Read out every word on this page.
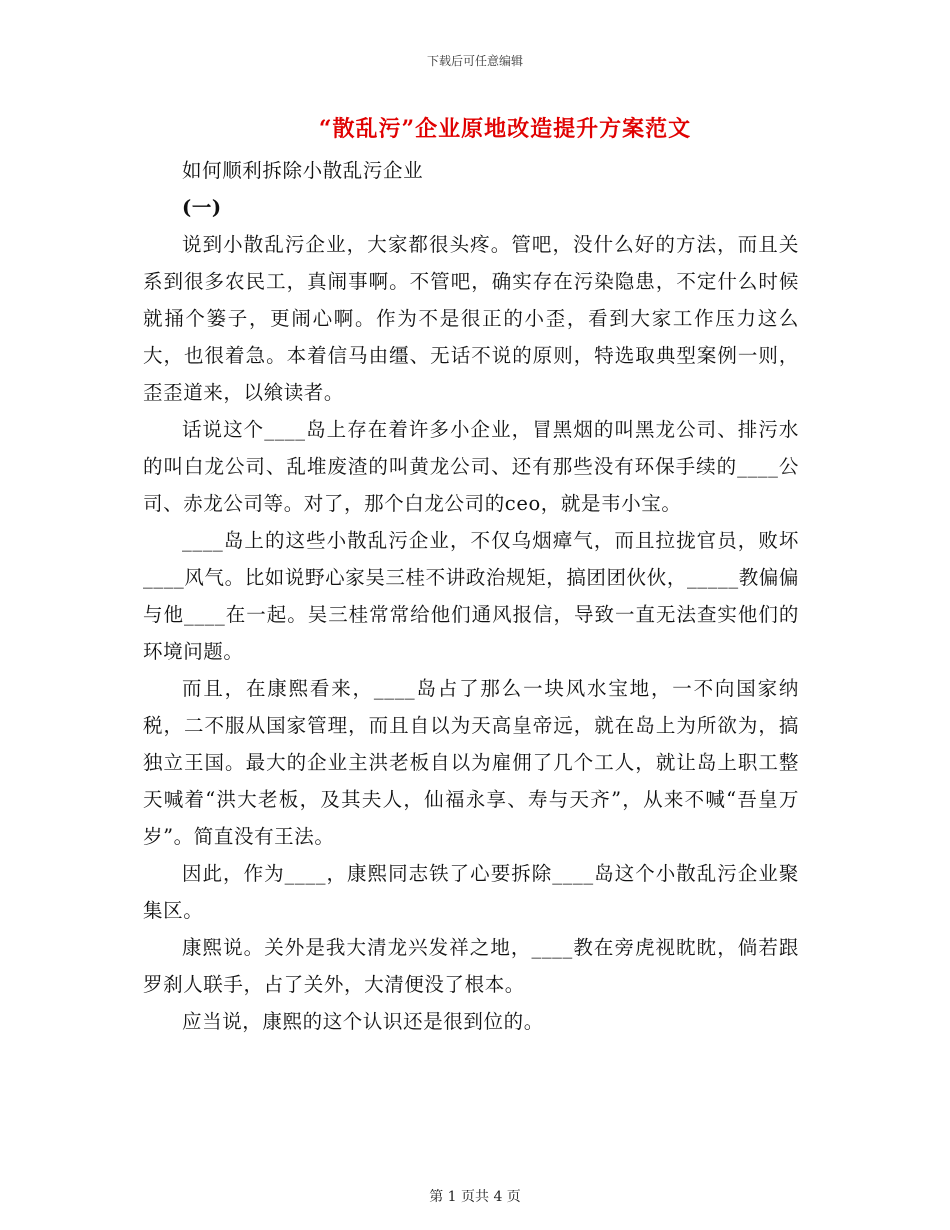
下载后可任意编辑
“散乱污”企业原地改造提升方案范文

如何顺利拆除小散乱污企业

(一)

说到小散乱污企业，大家都很头疼。管吧，没什么好的方法，而且关系到很多农民工，真闹事啊。不管吧，确实存在污染隐患，不定什么时候就捅个篓子，更闹心啊。作为不是很正的小歪，看到大家工作压力这么大，也很着急。本着信马由缰、无话不说的原则，特选取典型案例一则，歪歪道来，以飨读者。

话说这个____岛上存在着许多小企业，冒黑烟的叫黑龙公司、排污水的叫白龙公司、乱堆废渣的叫黄龙公司、还有那些没有环保手续的____公司、赤龙公司等。对了，那个白龙公司的ceo，就是韦小宝。

____岛上的这些小散乱污企业，不仅乌烟瘴气，而且拉拢官员，败坏____风气。比如说野心家吴三桂不讲政治规矩，搞团团伙伙，_____教偏偏与他____在一起。吴三桂常常给他们通风报信，导致一直无法查实他们的环境问题。

而且，在康熙看来，____岛占了那么一块风水宝地，一不向国家纳税，二不服从国家管理，而且自以为天高皇帝远，就在岛上为所欲为，搞独立王国。最大的企业主洪老板自以为雇佣了几个工人，就让岛上职工整天喊着“洪大老板，及其夫人，仙福永享、寿与天齐”，从来不喊“吾皇万岁”。简直没有王法。

因此，作为____，康熙同志铁了心要拆除____岛这个小散乱污企业聚集区。

康熙说。关外是我大清龙兴发祥之地，____教在旁虎视眈眈，倘若跟罗刹人联手，占了关外，大清便没了根本。

应当说，康熙的这个认识还是很到位的。

第 1 页共 4 页
